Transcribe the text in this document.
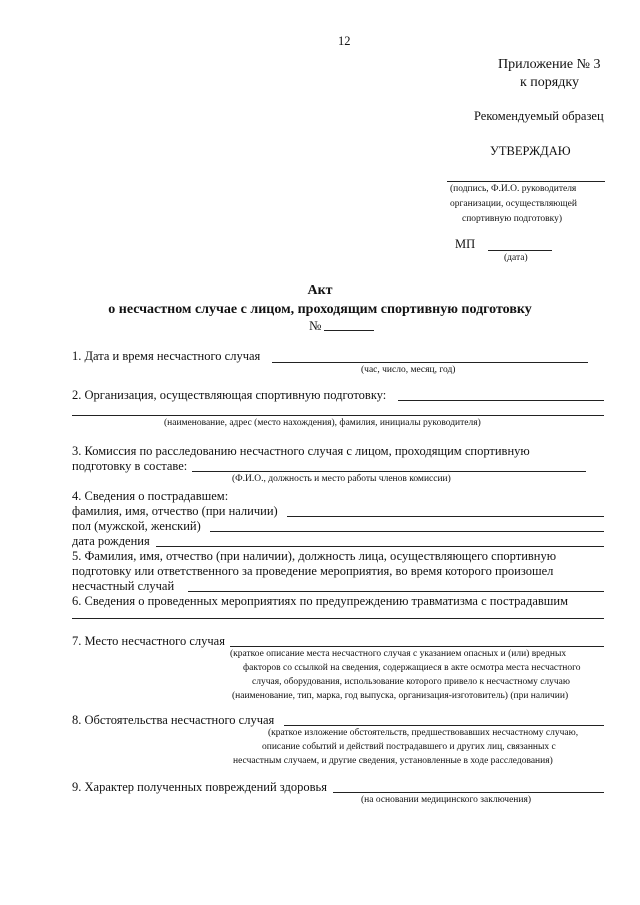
12
Приложение № 3
к порядку
Рекомендуемый образец
УТВЕРЖДАЮ
(подпись, Ф.И.О. руководителя
организации, осуществляющей
спортивную подготовку)
МП
(дата)
Акт
о несчастном случае с лицом, проходящим спортивную подготовку
№
1. Дата и время несчастного случая
(час, число, месяц, год)
2. Организация, осуществляющая спортивную подготовку:
(наименование, адрес (место нахождения), фамилия, инициалы руководителя)
3. Комиссия по расследованию несчастного случая с лицом, проходящим спортивную
подготовку в составе:
(Ф.И.О., должность и место работы членов комиссии)
4. Сведения о пострадавшем:
фамилия, имя, отчество (при наличии)
пол (мужской, женский)
дата рождения
5. Фамилия, имя, отчество (при наличии), должность лица, осуществляющего спортивную
подготовку или ответственного за проведение мероприятия, во время которого произошел
несчастный случай
6. Сведения о проведенных мероприятиях по предупреждению травматизма с пострадавшим
7. Место несчастного случая
(краткое описание места несчастного случая с указанием опасных и (или) вредных
факторов со ссылкой на сведения, содержащиеся в акте осмотра места несчастного
случая, оборудования, использование которого привело к несчастному случаю
(наименование, тип, марка, год выпуска, организация-изготовитель) (при наличии)
8. Обстоятельства несчастного случая
(краткое изложение обстоятельств, предшествовавших несчастному случаю,
описание событий и действий пострадавшего и других лиц, связанных с
несчастным случаем, и другие сведения, установленные в ходе расследования)
9. Характер полученных повреждений здоровья
(на основании медицинского заключения)
